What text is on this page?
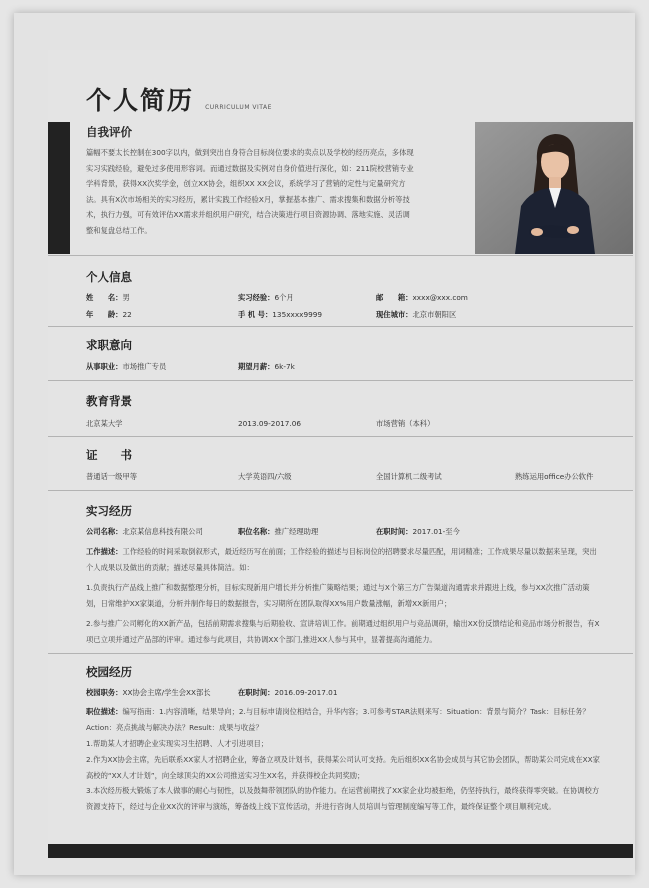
个人简历 CURRICULUM VITAE
自我评价
篇幅不要太长控制在300字以内，做到突出自身符合目标岗位要求的卖点以及学校的经历亮点，多体现实习实践经验，避免过多使用形容词。而通过数据及实例对自身价值进行深化，如：211院校营销专业学科背景，获得XX次奖学金，创立XX协会，组织XX XX会议，系统学习了营销的定性与定量研究方法。具有X次市场相关的实习经历，累计实践工作经验X月，掌握基本推广、需求搜集和数据分析等技术，执行力强，可有效评估XX需求并组织用户研究，结合决策进行项目资源协调、落地实施、灵活调整和复盘总结工作。
个人信息
姓　　名：男	实习经验：6个月	邮　　箱：xxxx@xxx.com
年　　龄：22	手 机 号：135xxxx9999	现住城市：北京市朝阳区
求职意向
从事职业：市场推广专员	期望月薪：6k-7k
教育背景
北京某大学	2013.09-2017.06	市场营销（本科）
证　　书
普通话一级甲等	大学英语四/六级	全国计算机二级考试	熟练运用office办公软件
实习经历
公司名称：北京某信息科技有限公司	职位名称：推广经理助理	在职时间：2017.01-至今
工作描述：工作经验的时间采取倒叙形式，最近经历写在前面；工作经验的描述与目标岗位的招聘要求尽量匹配，用词精准；工作成果尽量以数据来呈现，突出个人成果以及做出的贡献；描述尽量具体简洁。如：
1.负责执行产品线上推广和数据整理分析，目标实现新用户增长并分析推广策略结果；通过与X个第三方广告渠道沟通需求并跟进上线，参与XX次推广活动策划，日常维护XX家渠道，分析并制作每日的数据报告，实习期所在团队取得XX%用户数量涨幅，新增XX新用户；
2.参与推广公司孵化的XX新产品，包括前期需求搜集与后期验收、宣讲培训工作。前期通过组织用户与竞品调研，输出XX份反馈结论和竞品市场分析报告，有X项已立项并通过产品部的评审。通过参与此项目，共协调XX个部门,推进XX人参与其中，显著提高沟通能力。
校园经历
校园职务：XX协会主席/学生会XX部长	在职时间：2016.09-2017.01
职位描述：编写指南：1.内容清晰，结果导向；2.与目标申请岗位相结合，升华内容；3.可参考STAR法则来写：Situation：背景与简介？Task：目标任务？Action：亮点挑战与解决办法？Result：成果与收益？
1.帮助某人才招聘企业实现实习生招聘、人才引进项目；
2.作为XX协会主席，先后联系XX家人才招聘企业，筹备立项及计划书，获得某公司认可支持。先后组织XX名协会成员与其它协会团队，帮助某公司完成在XX家高校的“XX人才计划”，向全球顶尖的XX公司推送实习生XX名，并获得校企共同奖励；
3.本次经历极大锻炼了本人做事的耐心与韧性，以及鼓舞带领团队的协作能力。在运营前期找了XX家企业均被拒绝，仍坚持执行，最终获得零突破。在协调校方资源支持下，经过与企业XX次的评审与演练，筹备线上线下宣传活动，并进行咨询人员培训与管理制度编写等工作，最终保证整个项目顺利完成。
